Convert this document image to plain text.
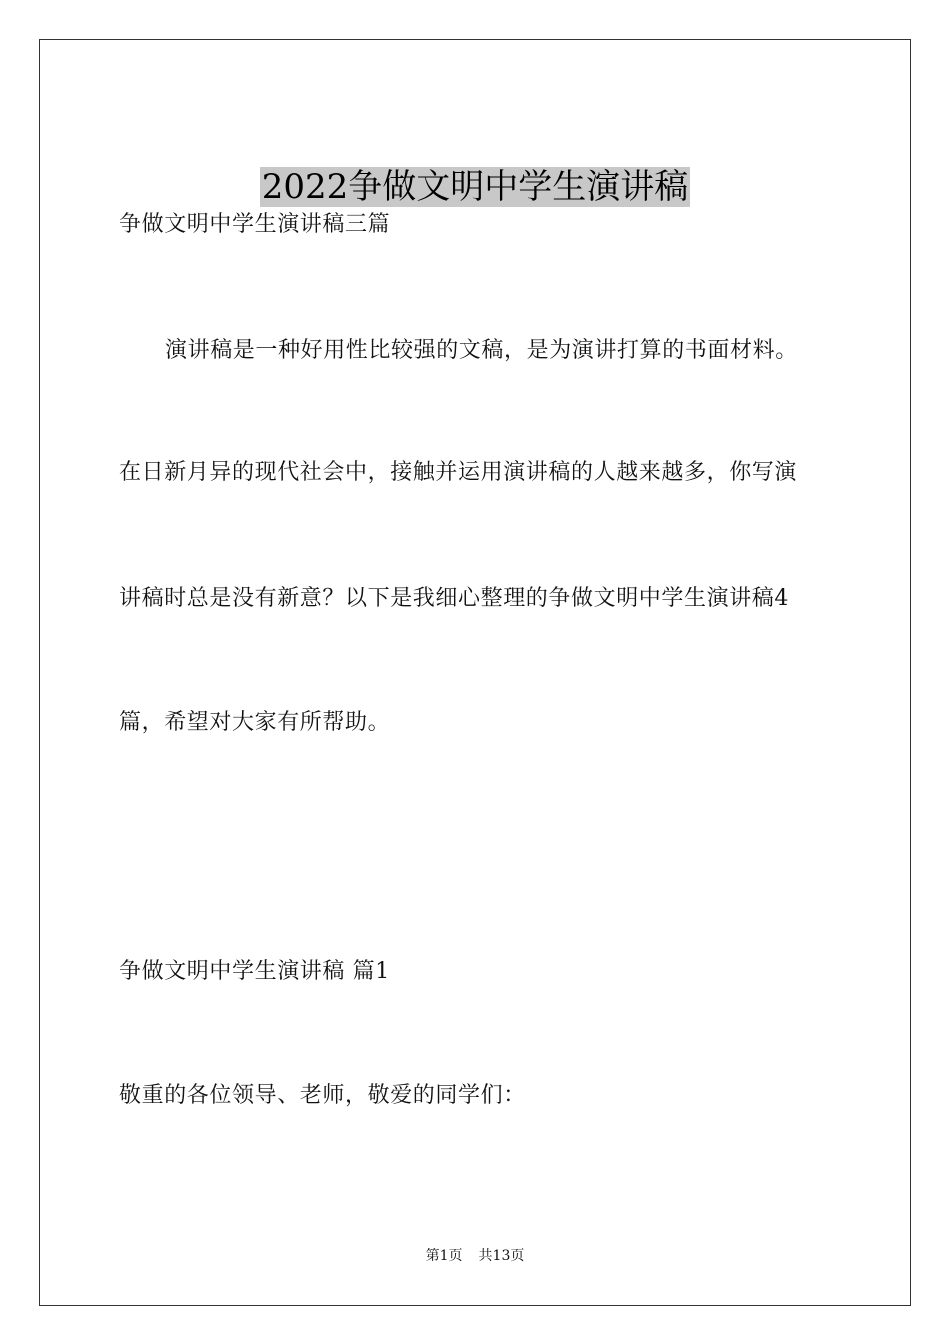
2022争做文明中学生演讲稿
争做文明中学生演讲稿三篇
演讲稿是一种好用性比较强的文稿，是为演讲打算的书面材料。
在日新月异的现代社会中，接触并运用演讲稿的人越来越多，你写演
讲稿时总是没有新意？以下是我细心整理的争做文明中学生演讲稿4
篇，希望对大家有所帮助。
争做文明中学生演讲稿 篇1
敬重的各位领导、老师，敬爱的同学们：
第1页 共13页
